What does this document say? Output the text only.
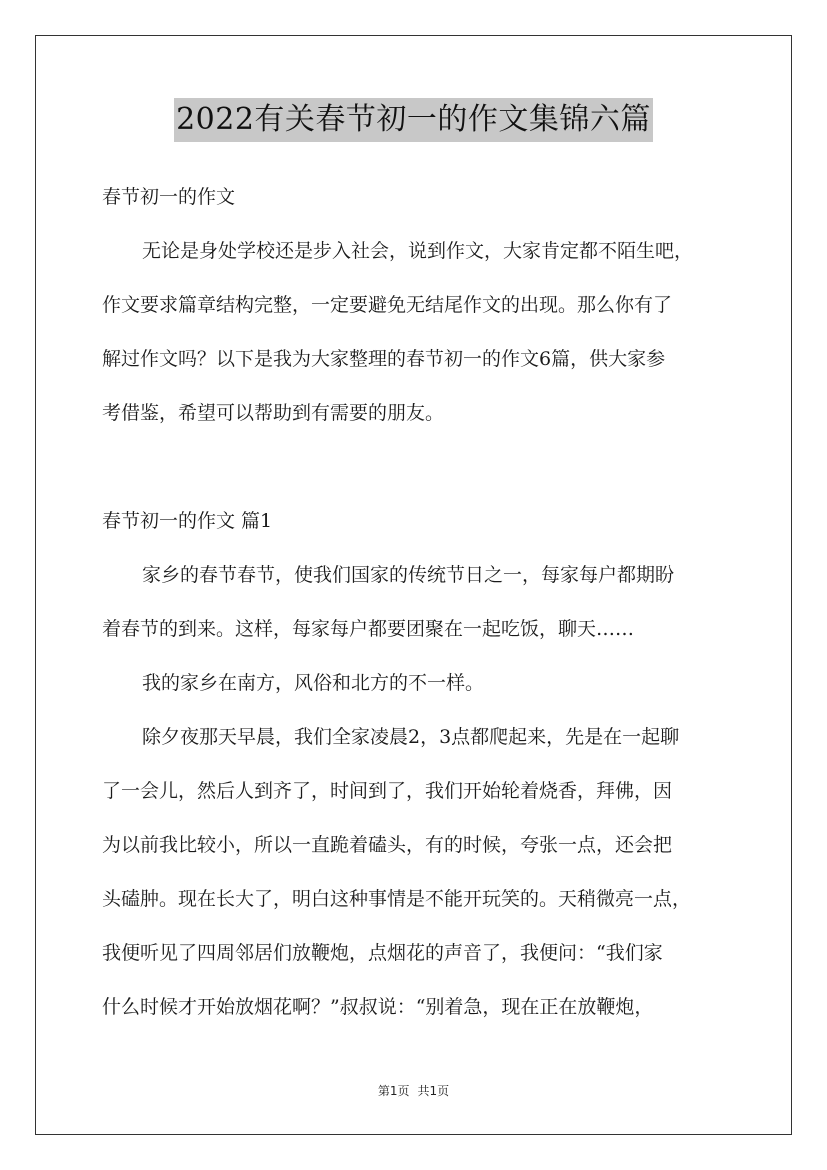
2022有关春节初一的作文集锦六篇
春节初一的作文
无论是身处学校还是步入社会，说到作文，大家肯定都不陌生吧，
作文要求篇章结构完整，一定要避免无结尾作文的出现。那么你有了
解过作文吗？以下是我为大家整理的春节初一的作文6篇，供大家参
考借鉴，希望可以帮助到有需要的朋友。
春节初一的作文 篇1
家乡的春节春节，使我们国家的传统节日之一，每家每户都期盼
着春节的到来。这样，每家每户都要团聚在一起吃饭，聊天……
我的家乡在南方，风俗和北方的不一样。
除夕夜那天早晨，我们全家凌晨2，3点都爬起来，先是在一起聊
了一会儿，然后人到齐了，时间到了，我们开始轮着烧香，拜佛，因
为以前我比较小，所以一直跪着磕头，有的时候，夸张一点，还会把
头磕肿。现在长大了，明白这种事情是不能开玩笑的。天稍微亮一点，
我便听见了四周邻居们放鞭炮，点烟花的声音了，我便问：“我们家
什么时候才开始放烟花啊？”叔叔说：“别着急，现在正在放鞭炮，
第1页 共1页
